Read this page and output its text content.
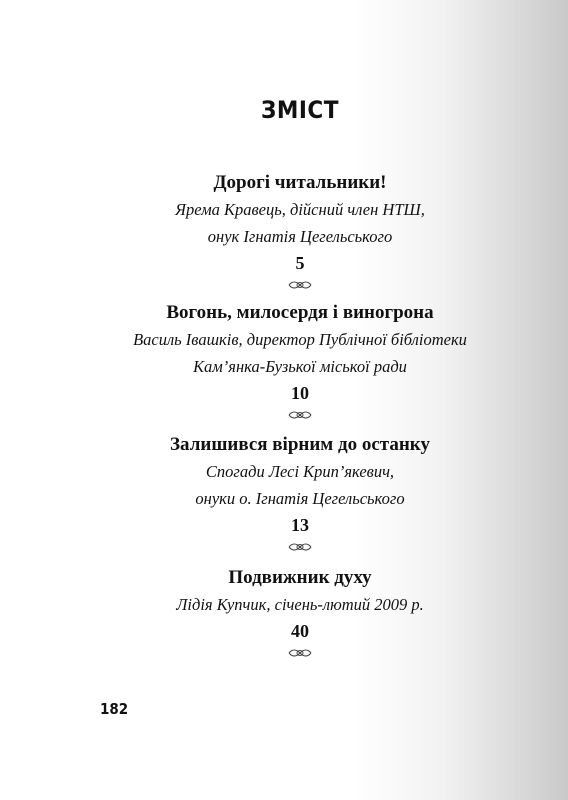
ЗМІСТ
Дорогі читальники!
Ярема Кравець, дійсний член НТШ,
онук Ігнатія Цегельського
5
Вогонь, милосердя і виногрона
Василь Івашків, директор Публічної бібліотеки
Кам’янка-Бузької міської ради
10
Залишився вірним до останку
Спогади Лесі Крип’якевич,
онуки о. Ігнатія Цегельського
13
Подвижник духу
Лідія Купчик, січень-лютий 2009 р.
40
182
